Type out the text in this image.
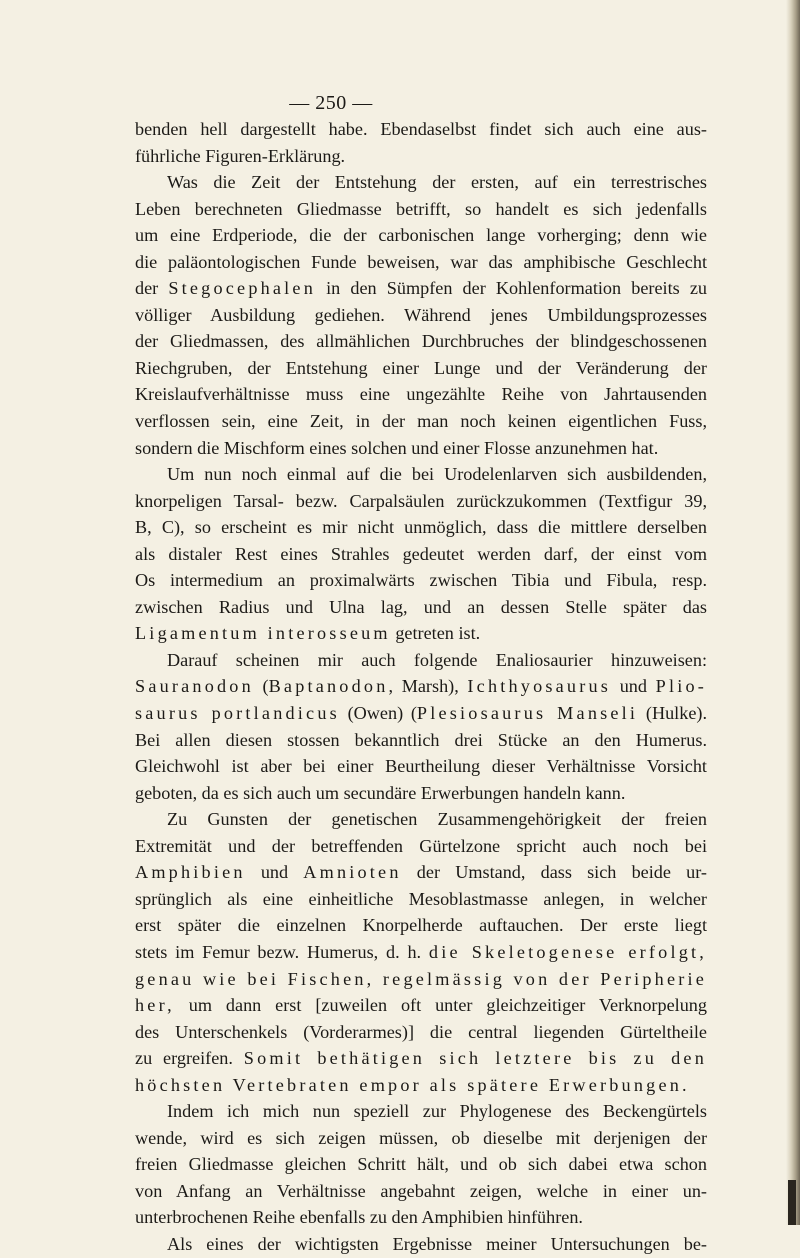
— 250 —
benden hell dargestellt habe. Ebendaselbst findet sich auch eine aus-
führliche Figuren-Erklärung.
Was die Zeit der Entstehung der ersten, auf ein terrestrisches
Leben berechneten Gliedmasse betrifft, so handelt es sich jedenfalls
um eine Erdperiode, die der carbonischen lange vorherging; denn wie
die paläontologischen Funde beweisen, war das amphibische Geschlecht
der Stegocephalen in den Sümpfen der Kohlenformation bereits zu
völliger Ausbildung gediehen. Während jenes Umbildungsprozesses
der Gliedmassen, des allmählichen Durchbruches der blindgeschossenen
Riechgruben, der Entstehung einer Lunge und der Veränderung der
Kreislaufverhältnisse muss eine ungezählte Reihe von Jahrtausenden
verflossen sein, eine Zeit, in der man noch keinen eigentlichen Fuss,
sondern die Mischform eines solchen und einer Flosse anzunehmen hat.
Um nun noch einmal auf die bei Urodelenlarven sich ausbildenden,
knorpeligen Tarsal- bezw. Carpalsäulen zurückzukommen (Textfigur 39,
B, C), so erscheint es mir nicht unmöglich, dass die mittlere derselben
als distaler Rest eines Strahles gedeutet werden darf, der einst vom
Os intermedium an proximalwärts zwischen Tibia und Fibula, resp.
zwischen Radius und Ulna lag, und an dessen Stelle später das
Ligamentum interosseum getreten ist.
Darauf scheinen mir auch folgende Enaliosaurier hinzuweisen:
Sauranodon (Baptanodon, Marsh), Ichthyosaurus und Plio-
saurus portlandicus (Owen) (Plesiosaurus Manseli (Hulke).
Bei allen diesen stossen bekanntlich drei Stücke an den Humerus.
Gleichwohl ist aber bei einer Beurtheilung dieser Verhältnisse Vorsicht
geboten, da es sich auch um secundäre Erwerbungen handeln kann.
Zu Gunsten der genetischen Zusammengehörigkeit der freien
Extremität und der betreffenden Gürtelzone spricht auch noch bei
Amphibien und Amnioten der Umstand, dass sich beide ur-
sprünglich als eine einheitliche Mesoblastmasse anlegen, in welcher
erst später die einzelnen Knorpelherde auftauchen. Der erste liegt
stets im Femur bezw. Humerus, d. h. die Skeletogenese erfolgt,
genau wie bei Fischen, regelmässig von der Peripherie
her, um dann erst [zuweilen oft unter gleichzeitiger Verknorpelung
des Unterschenkels (Vorderarmes)] die central liegenden Gürteltheile
zu ergreifen. Somit bethätigen sich letztere bis zu den
höchsten Vertebraten empor als spätere Erwerbungen.
Indem ich mich nun speziell zur Phylogenese des Beckengürtels
wende, wird es sich zeigen müssen, ob dieselbe mit derjenigen der
freien Gliedmasse gleichen Schritt hält, und ob sich dabei etwa schon
von Anfang an Verhältnisse angebahnt zeigen, welche in einer un-
unterbrochenen Reihe ebenfalls zu den Amphibien hinführen.
Als eines der wichtigsten Ergebnisse meiner Untersuchungen be-
